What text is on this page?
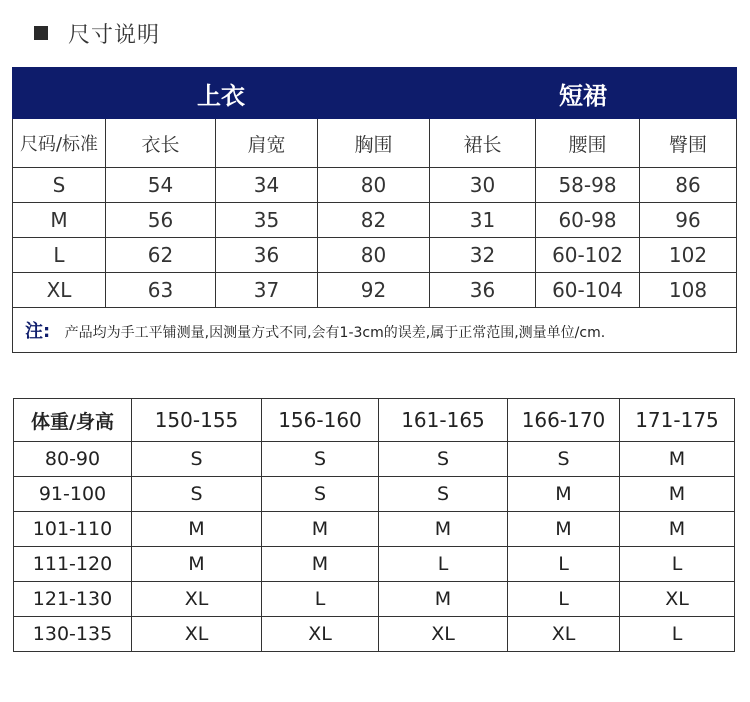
尺寸说明
上衣				短裙		
尺码/标准	衣长	肩宽	胸围	裙长	腰围	臀围
S	54	34	80	30	58-98	86
M	56	35	82	31	60-98	96
L	62	36	80	32	60-102	102
XL	63	37	92	36	60-104	108
注: 产品均为手工平铺测量,因测量方式不同,会有1-3cm的误差,属于正常范围,测量单位/cm.						
体重/身高	150-155	156-160	161-165	166-170	171-175
80-90	S	S	S	S	M
91-100	S	S	S	M	M
101-110	M	M	M	M	M
111-120	M	M	L	L	L
121-130	XL	L	M	L	XL
130-135	XL	XL	XL	XL	L
